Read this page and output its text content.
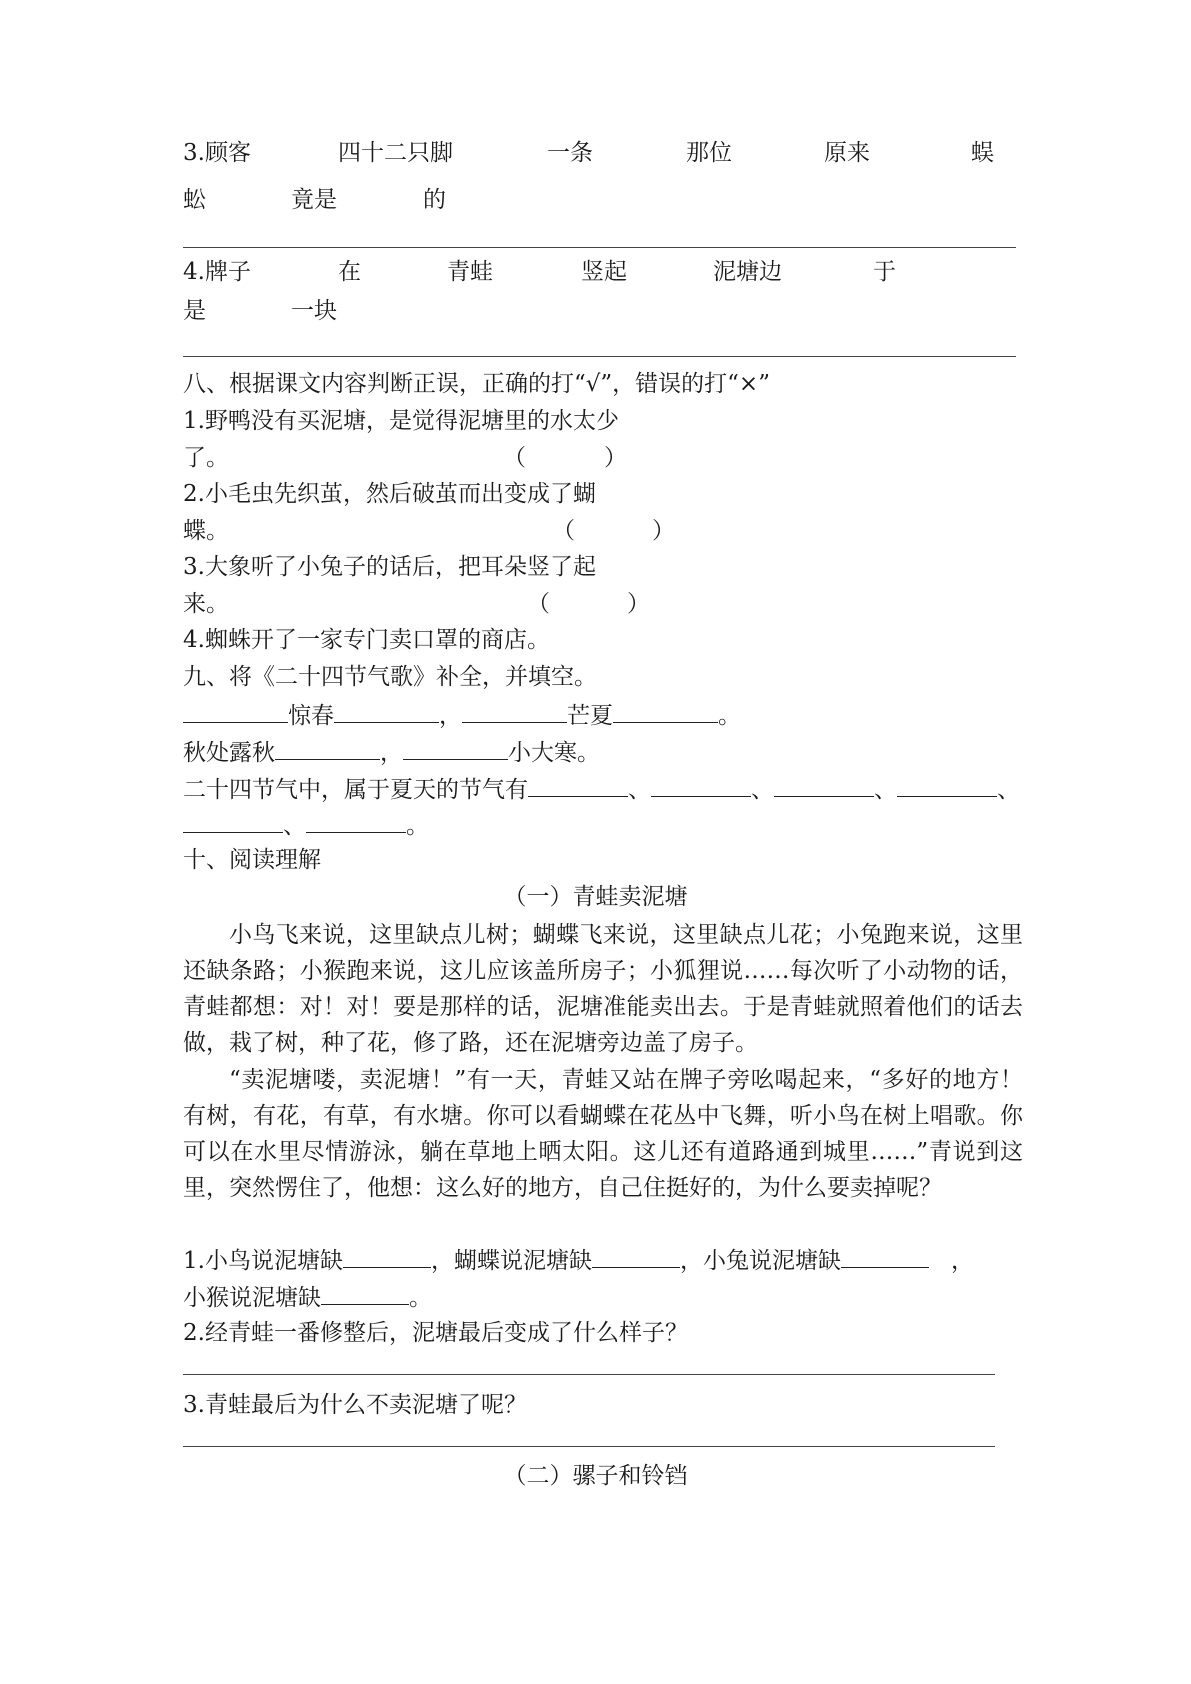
3.顾客	四十二只脚	一条	那位	原来	蜈
蚣	竟是	的
4.牌子	在	青蛙	竖起	泥塘边	于
是	一块
八、根据课文内容判断正误，正确的打“√”，错误的打“×”
1.野鸭没有买泥塘，是觉得泥塘里的水太少
了。	（	）
2.小毛虫先织茧，然后破茧而出变成了蝴
蝶。	（	）
3.大象听了小兔子的话后，把耳朵竖了起
来。	（	）
4.蜘蛛开了一家专门卖口罩的商店。
九、将《二十四节气歌》补全，并填空。
惊春	，	芒夏	。
秋处露秋	，	小大寒。
二十四节气中，属于夏天的节气有	、	、	、	、
、	。
十、阅读理解
（一）青蛙卖泥塘
小鸟飞来说，这里缺点儿树；蝴蝶飞来说，这里缺点儿花；小兔跑来说，这里还缺条路；小猴跑来说，这儿应该盖所房子；小狐狸说……每次听了小动物的话，青蛙都想：对！对！要是那样的话，泥塘准能卖出去。于是青蛙就照着他们的话去做，栽了树，种了花，修了路，还在泥塘旁边盖了房子。
“卖泥塘喽，卖泥塘！”有一天，青蛙又站在牌子旁吆喝起来，“多好的地方！有树，有花，有草，有水塘。你可以看蝴蝶在花丛中飞舞，听小鸟在树上唱歌。你可以在水里尽情游泳，躺在草地上晒太阳。这儿还有道路通到城里……”青说到这里，突然愣住了，他想：这么好的地方，自己住挺好的，为什么要卖掉呢？
1.小鸟说泥塘缺	，蝴蝶说泥塘缺	，小兔说泥塘缺	，
小猴说泥塘缺	。
2.经青蛙一番修整后，泥塘最后变成了什么样子？
3.青蛙最后为什么不卖泥塘了呢？
（二）骡子和铃铛
